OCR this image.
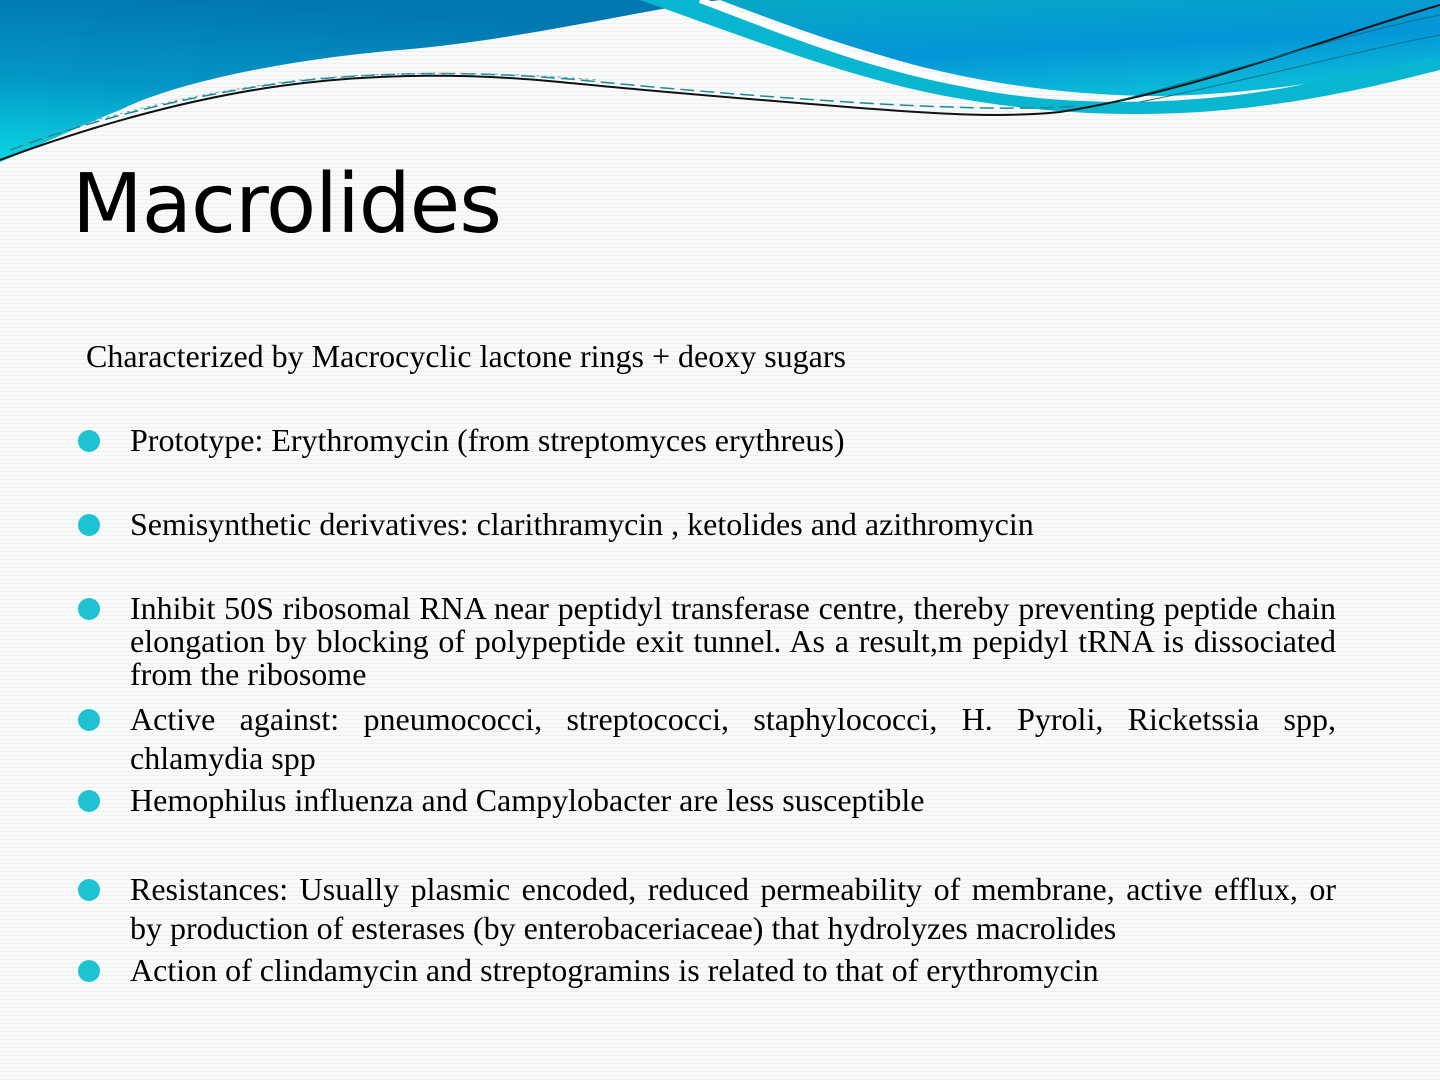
Macrolides
Characterized by Macrocyclic lactone rings + deoxy sugars
Prototype: Erythromycin (from streptomyces erythreus)
Semisynthetic derivatives: clarithramycin , ketolides and azithromycin
Inhibit 50S ribosomal RNA near peptidyl transferase centre, thereby preventing peptide chain elongation by blocking of polypeptide exit tunnel. As a result,m pepidyl tRNA is dissociated from the ribosome
Active against: pneumococci, streptococci, staphylococci, H. Pyroli, Ricketssia spp, chlamydia spp
Hemophilus influenza and Campylobacter are less susceptible
Resistances: Usually plasmic encoded, reduced permeability of membrane, active efflux, or by production of esterases (by enterobaceriaceae) that hydrolyzes macrolides
Action of clindamycin and streptogramins is related to that of erythromycin
